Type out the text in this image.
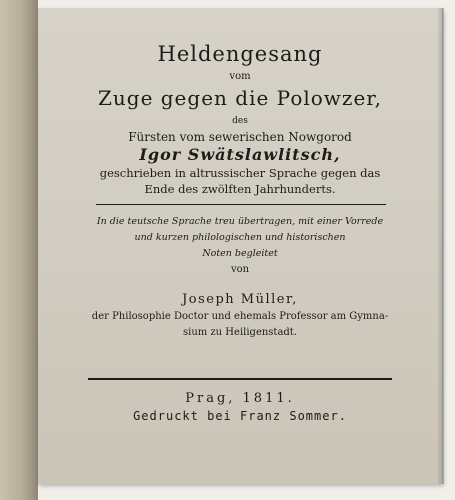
Heldengesang
vom
Zuge gegen die Polowzer,
des
Fürsten vom sewerischen Nowgorod
Igor Swätslawlitsch,
geschrieben in altrussischer Sprache gegen das
Ende des zwölften Jahrhunderts.
In die teutsche Sprache treu übertragen, mit einer Vorrede
und kurzen philologischen und historischen
Noten begleitet
von
Joseph Müller,
der Philosophie Doctor und ehemals Professor am Gymna-
sium zu Heiligenstadt.
Prag, 1811.
Gedruckt bei Franz Sommer.
